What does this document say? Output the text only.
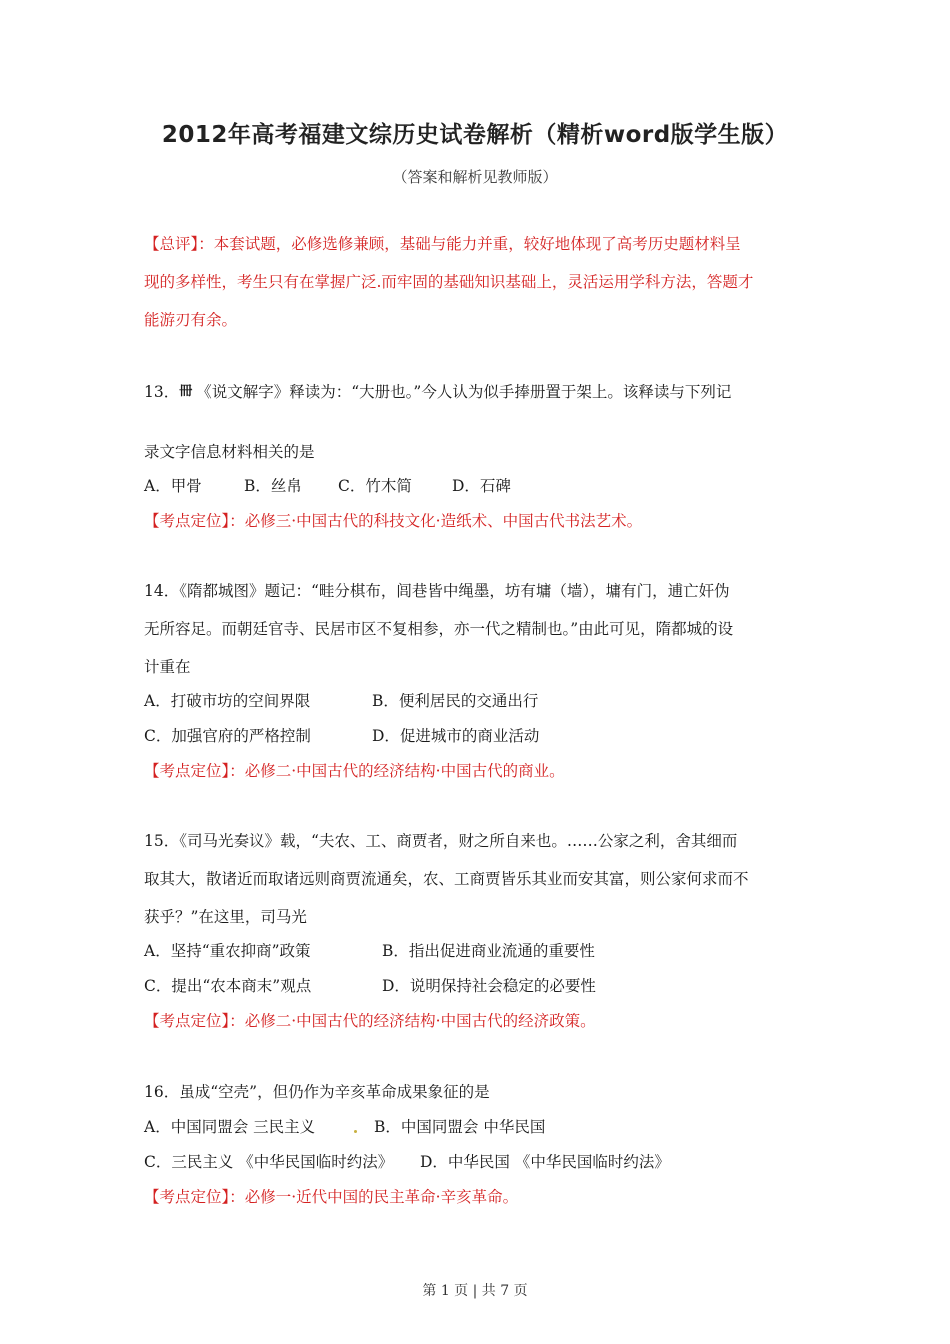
2012年高考福建文综历史试卷解析（精析word版学生版）
（答案和解析见教师版）
【总评】：本套试题，必修选修兼顾，基础与能力并重，较好地体现了高考历史题材料呈
现的多样性，考生只有在掌握广泛.而牢固的基础知识基础上，灵活运用学科方法，答题才
能游刃有余。
13．冊 《说文解字》释读为：“大册也。”今人认为似手捧册置于架上。该释读与下列记
录文字信息材料相关的是
A．甲骨	B．丝帛 C．竹木简	D．石碑
【考点定位】：必修三·中国古代的科技文化·造纸术、中国古代书法艺术。
14．《隋都城图》题记：“畦分棋布，闾巷皆中绳墨，坊有墉（墙），墉有门，逋亡奸伪
无所容足。而朝廷官寺、民居市区不复相参，亦一代之精制也。”由此可见，隋都城的设
计重在
A．打破市坊的空间界限	B．便利居民的交通出行
C．加强官府的严格控制	D．促进城市的商业活动
【考点定位】：必修二·中国古代的经济结构·中国古代的商业。
15．《司马光奏议》载，“夫农、工、商贾者，财之所自来也。……公家之利，舍其细而
取其大，散诸近而取诸远则商贾流通矣，农、工商贾皆乐其业而安其富，则公家何求而不
获乎？”在这里，司马光
A．坚持“重农抑商”政策	B．指出促进商业流通的重要性
C．提出“农本商末”观点	D．说明保持社会稳定的必要性
【考点定位】：必修二·中国古代的经济结构·中国古代的经济政策。
16．虽成“空壳”，但仍作为辛亥革命成果象征的是
A．中国同盟会 三民主义	B．中国同盟会 中华民国
C．三民主义 《中华民国临时约法》 D．中华民国 《中华民国临时约法》
【考点定位】：必修一·近代中国的民主革命·辛亥革命。
第 1 页 | 共 7 页
